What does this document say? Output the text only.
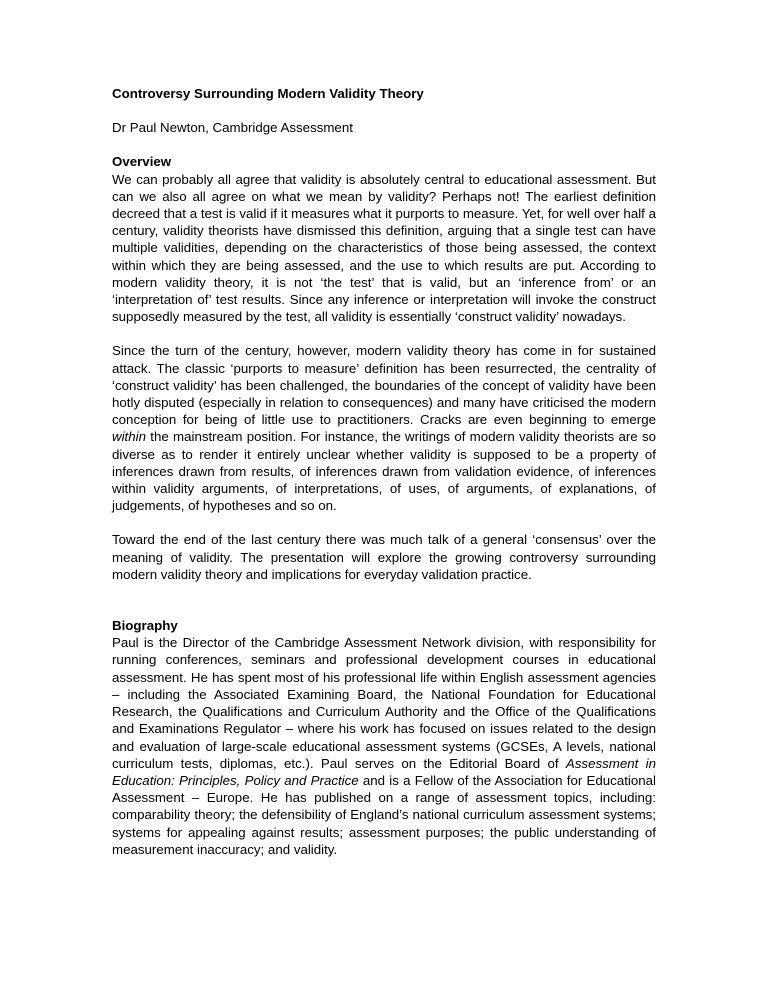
Controversy Surrounding Modern Validity Theory
Dr Paul Newton, Cambridge Assessment
Overview

We can probably all agree that validity is absolutely central to educational assessment. But can we also all agree on what we mean by validity? Perhaps not! The earliest definition decreed that a test is valid if it measures what it purports to measure. Yet, for well over half a century, validity theorists have dismissed this definition, arguing that a single test can have multiple validities, depending on the characteristics of those being assessed, the context within which they are being assessed, and the use to which results are put. According to modern validity theory, it is not ‘the test’ that is valid, but an ‘inference from’ or an ‘interpretation of’ test results. Since any inference or interpretation will invoke the construct supposedly measured by the test, all validity is essentially ‘construct validity’ nowadays.

Since the turn of the century, however, modern validity theory has come in for sustained attack. The classic ‘purports to measure’ definition has been resurrected, the centrality of ‘construct validity’ has been challenged, the boundaries of the concept of validity have been hotly disputed (especially in relation to consequences) and many have criticised the modern conception for being of little use to practitioners. Cracks are even beginning to emerge within the mainstream position. For instance, the writings of modern validity theorists are so diverse as to render it entirely unclear whether validity is supposed to be a property of inferences drawn from results, of inferences drawn from validation evidence, of inferences within validity arguments, of interpretations, of uses, of arguments, of explanations, of judgements, of hypotheses and so on.

Toward the end of the last century there was much talk of a general ‘consensus’ over the meaning of validity. The presentation will explore the growing controversy surrounding modern validity theory and implications for everyday validation practice.

Biography

Paul is the Director of the Cambridge Assessment Network division, with responsibility for running conferences, seminars and professional development courses in educational assessment. He has spent most of his professional life within English assessment agencies – including the Associated Examining Board, the National Foundation for Educational Research, the Qualifications and Curriculum Authority and the Office of the Qualifications and Examinations Regulator – where his work has focused on issues related to the design and evaluation of large-scale educational assessment systems (GCSEs, A levels, national curriculum tests, diplomas, etc.). Paul serves on the Editorial Board of Assessment in Education: Principles, Policy and Practice and is a Fellow of the Association for Educational Assessment – Europe. He has published on a range of assessment topics, including: comparability theory; the defensibility of England’s national curriculum assessment systems; systems for appealing against results; assessment purposes; the public understanding of measurement inaccuracy; and validity.
